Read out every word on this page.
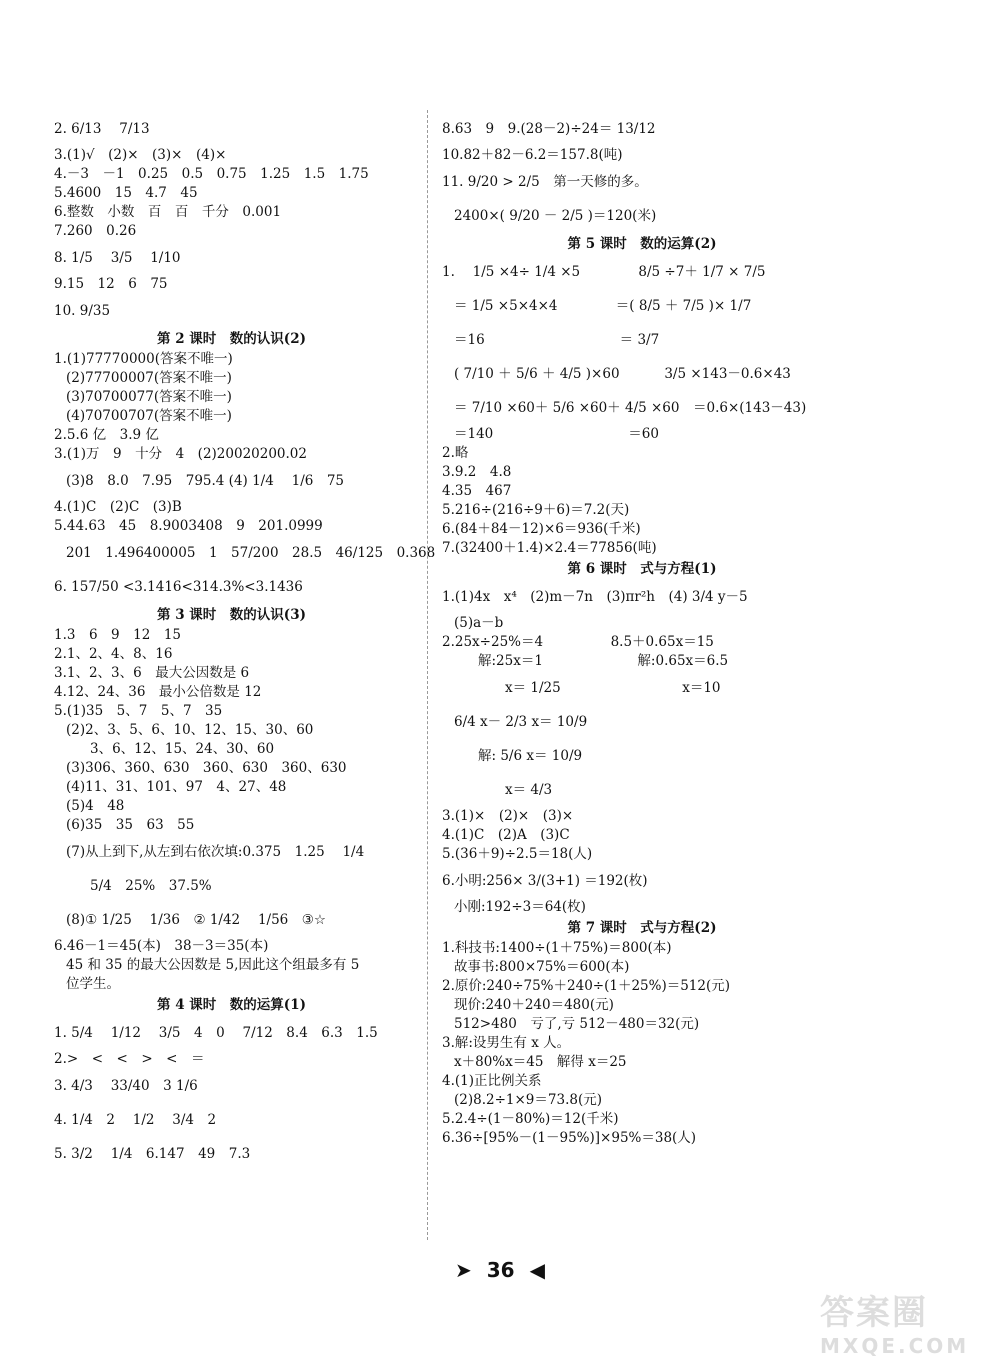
2. 6/13　 7/13
3.(1)√　(2)×　(3)×　(4)×
4.－3　－1　0.25　0.5　0.75　1.25　1.5　1.75
5.4600　15　4.7　45
6.整数　小数　百　百　千分　0.001
7.260　0.26
8. 1/5　 3/5　 1/10
9.15　12　6　75
10. 9/35
第 2 课时　数的认识(2)
1.(1)77770000(答案不唯一)
(2)77700007(答案不唯一)
(3)70700077(答案不唯一)
(4)70700707(答案不唯一)
2.5.6 亿　3.9 亿
3.(1)万　9　十分　4　(2)20020200.02
(3)8　8.0　7.95　795.4 (4) 1/4　 1/6　75
4.(1)C　(2)C　(3)B
5.44.63　45　8.9003408　9　201.0999
201　1.496400005　1　57/200　28.5　46/125　0.368
6. 157/50 <3.1416<314.3%<3.1436
第 3 课时　数的认识(3)
1.3　6　9　12　15
2.1、2、4、8、16
3.1、2、3、6　最大公因数是 6
4.12、24、36　最小公倍数是 12
5.(1)35　5、7　5、7　35
(2)2、3、5、6、10、12、15、30、60
3、6、12、15、24、30、60
(3)306、360、630　360、630　360、630
(4)11、31、101、97　4、27、48
(5)4　48
(6)35　35　63　55
(7)从上到下,从左到右依次填:0.375　1.25　 1/4
5/4　25%　37.5%
(8)① 1/25　 1/36　② 1/42　 1/56　③☆
6.46－1＝45(本)　38－3＝35(本)
45 和 35 的最大公因数是 5,因此这个组最多有 5
位学生。
第 4 课时　数的运算(1)
1. 5/4　 1/12　 3/5　4　0　 7/12　8.4　6.3　1.5
2.>　<　<　>　<　＝
3. 4/3　 33/40　3 1/6
4. 1/4　2　 1/2　 3/4　2
5. 3/2　 1/4　6.147　49　7.3
8.63　9　9.(28－2)÷24＝ 13/12
10.82＋82－6.2＝157.8(吨)
11. 9/20 > 2/5　第一天修的多。
2400×( 9/20 － 2/5 )＝120(米)
第 5 课时　数的运算(2)
1.　 1/5 ×4÷ 1/4 ×5　　　　 8/5 ÷7＋ 1/7 × 7/5
＝ 1/5 ×5×4×4　　　　 ＝( 8/5 ＋ 7/5 )× 1/7
＝16　　　　　　　　　　＝ 3/7
( 7/10 ＋ 5/6 ＋ 4/5 )×60　　　 3/5 ×143－0.6×43
＝ 7/10 ×60＋ 5/6 ×60＋ 4/5 ×60　＝0.6×(143－43)
＝140　　　　　　　　　　＝60
2.略
3.9.2　4.8
4.35　467
5.216÷(216÷9＋6)＝7.2(天)
6.(84＋84－12)×6＝936(千米)
7.(32400＋1.4)×2.4＝77856(吨)
第 6 课时　式与方程(1)
1.(1)4x　x⁴　(2)m－7n　(3)πr²h　(4) 3/4 y－5
(5)a－b
2.25x÷25%＝4　　　　　8.5＋0.65x＝15
解:25x＝1　　　　　　　解:0.65x＝6.5
　　x＝ 1/25　　　　　　　　　x＝10
6/4 x－ 2/3 x＝ 10/9
解: 5/6 x＝ 10/9
　　x＝ 4/3
3.(1)×　(2)×　(3)×
4.(1)C　(2)A　(3)C
5.(36＋9)÷2.5＝18(人)
6.小明:256× 3/(3+1) ＝192(枚)
小刚:192÷3＝64(枚)
第 7 课时　式与方程(2)
1.科技书:1400÷(1＋75%)＝800(本)
故事书:800×75%＝600(本)
2.原价:240÷75%＋240÷(1＋25%)＝512(元)
现价:240＋240＝480(元)
512>480　亏了,亏 512－480＝32(元)
3.解:设男生有 x 人。
x＋80%x＝45　解得 x＝25
4.(1)正比例关系
(2)8.2÷1×9＝73.8(元)
5.2.4÷(1－80%)＝12(千米)
6.36÷[95%－(1－95%)]×95%＝38(人)
➤ 36 ◀
答案圈
MXQE.COM
